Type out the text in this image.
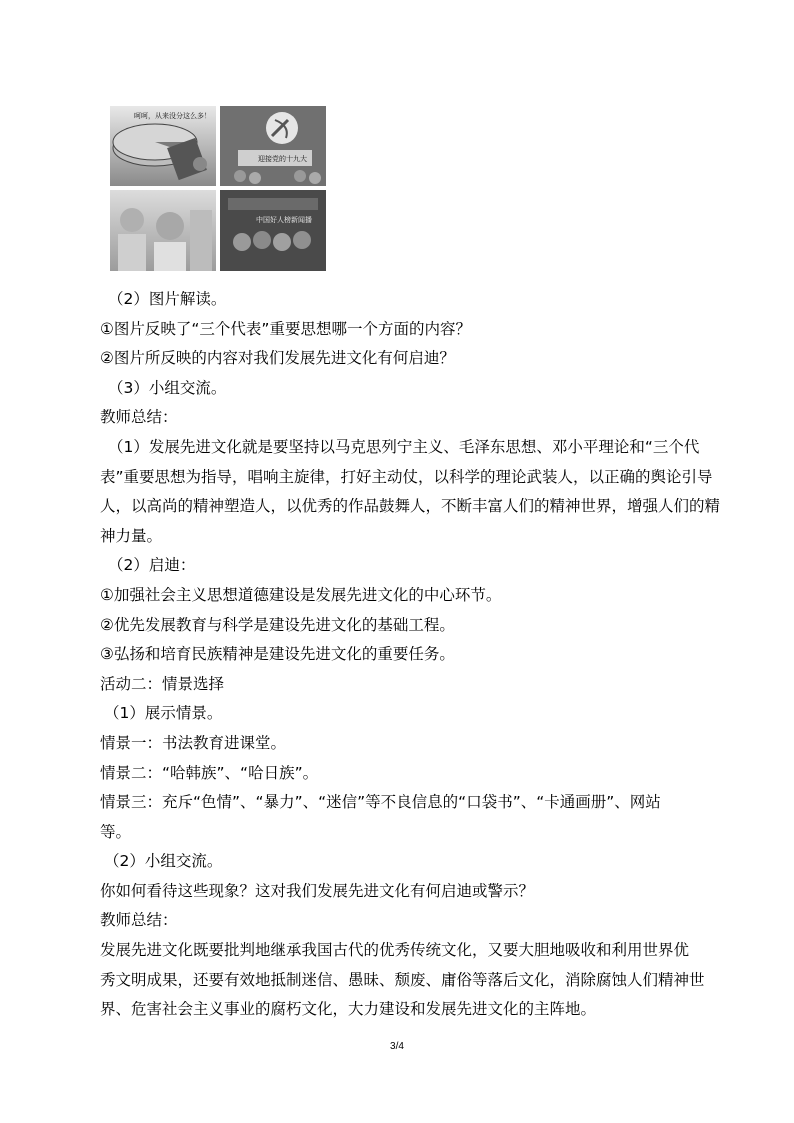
呵呵，从来没分这么多！
迎接党的十九大
中国好人榜新闻播
（2）图片解读。
①图片反映了“三个代表”重要思想哪一个方面的内容？
②图片所反映的内容对我们发展先进文化有何启迪？
（3）小组交流。
教师总结：
（1）发展先进文化就是要坚持以马克思列宁主义、毛泽东思想、邓小平理论和“三个代
表”重要思想为指导，唱响主旋律，打好主动仗，以科学的理论武装人，以正确的舆论引导
人，以高尚的精神塑造人，以优秀的作品鼓舞人，不断丰富人们的精神世界，增强人们的精
神力量。
（2）启迪：
①加强社会主义思想道德建设是发展先进文化的中心环节。
②优先发展教育与科学是建设先进文化的基础工程。
③弘扬和培育民族精神是建设先进文化的重要任务。
活动二：情景选择
（1）展示情景。
情景一：书法教育进课堂。
情景二：“哈韩族”、“哈日族”。
情景三：充斥“色情”、“暴力”、“迷信”等不良信息的“口袋书”、“卡通画册”、网站
等。
（2）小组交流。
你如何看待这些现象？这对我们发展先进文化有何启迪或警示？
教师总结：
发展先进文化既要批判地继承我国古代的优秀传统文化，又要大胆地吸收和利用世界优
秀文明成果，还要有效地抵制迷信、愚昧、颓废、庸俗等落后文化，消除腐蚀人们精神世
界、危害社会主义事业的腐朽文化，大力建设和发展先进文化的主阵地。
3/4
